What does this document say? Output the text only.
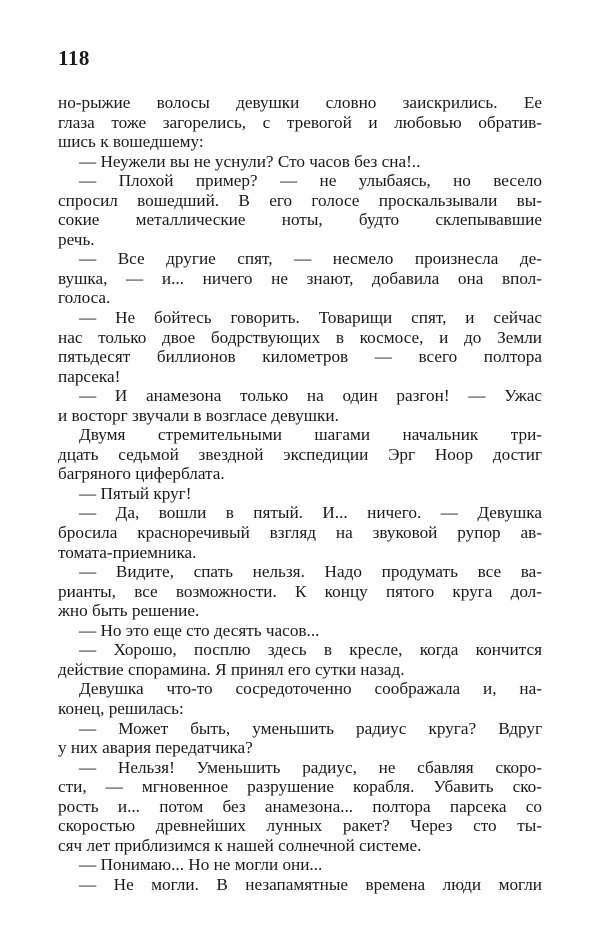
118
но-рыжие волосы девушки словно заискрились. Ее
глаза тоже загорелись, с тревогой и любовью обратив-
шись к вошедшему:
— Неужели вы не уснули? Сто часов без сна!..
— Плохой пример? — не улыбаясь, но весело
спросил вошедший. В его голосе проскальзывали вы-
сокие металлические ноты, будто склепывавшие
речь.
— Все другие спят, — несмело произнесла де-
вушка, — и... ничего не знают, добавила она впол-
голоса.
— Не бойтесь говорить. Товарищи спят, и сейчас
нас только двое бодрствующих в космосе, и до Земли
пятьдесят биллионов километров — всего полтора
парсека!
— И анамезона только на один разгон! — Ужас
и восторг звучали в возгласе девушки.
Двумя стремительными шагами начальник три-
дцать седьмой звездной экспедиции Эрг Ноор достиг
багряного циферблата.
— Пятый круг!
— Да, вошли в пятый. И... ничего. — Девушка
бросила красноречивый взгляд на звуковой рупор ав-
томата-приемника.
— Видите, спать нельзя. Надо продумать все ва-
рианты, все возможности. К концу пятого круга дол-
жно быть решение.
— Но это еще сто десять часов...
— Хорошо, посплю здесь в кресле, когда кончится
действие спорамина. Я принял его сутки назад.
Девушка что-то сосредоточенно соображала и, на-
конец, решилась:
— Может быть, уменьшить радиус круга? Вдруг
у них авария передатчика?
— Нельзя! Уменьшить радиус, не сбавляя скоро-
сти, — мгновенное разрушение корабля. Убавить ско-
рость и... потом без анамезона... полтора парсека со
скоростью древнейших лунных ракет? Через сто ты-
сяч лет приблизимся к нашей солнечной системе.
— Понимаю... Но не могли они...
— Не могли. В незапамятные времена люди могли
